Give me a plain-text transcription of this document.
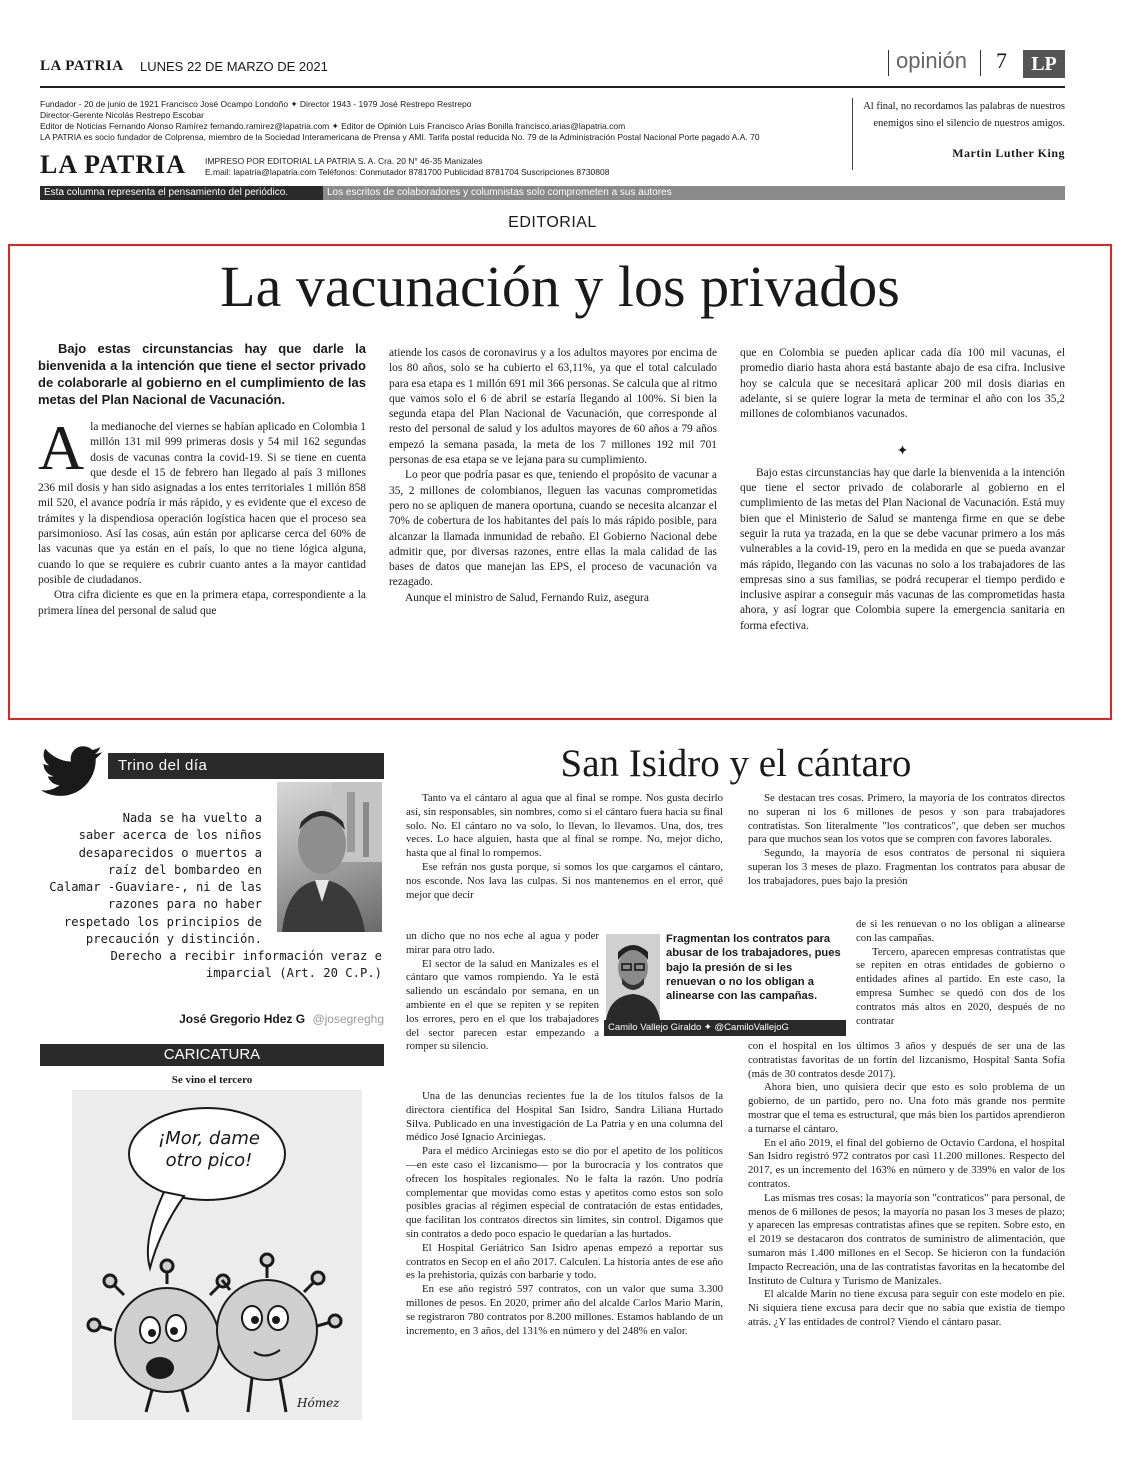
LA PATRIA LUNES 22 DE MARZO DE 2021	opinión 7	LP
Fundador - 20 de junio de 1921 Francisco José Ocampo Londoño ✦ Director 1943 - 1979 José Restrepo Restrepo
Director-Gerente Nicolás Restrepo Escobar
Editor de Noticias Fernando Alonso Ramírez fernando.ramirez@lapatria.com ✦ Editor de Opinión Luis Francisco Arias Bonilla francisco.arias@lapatria.com
LA PATRIA es socio fundador de Colprensa, miembro de la Sociedad Interamericana de Prensa y AMI. Tarifa postal reducida No. 79 de la Administración Postal Nacional Porte pagado A.A. 70
LA PATRIA IMPRESO POR EDITORIAL LA PATRIA S. A. Cra. 20 N° 46-35 Manizales
E.mail: lapatria@lapatria.com Teléfonos: Conmutador 8781700 Publicidad 8781704 Suscripciones 8730808
Al final, no recordamos las palabras de nuestros enemigos sino el silencio de nuestros amigos.
Martin Luther King
Esta columna representa el pensamiento del periódico.	Los escritos de colaboradores y columnistas solo comprometen a sus autores
EDITORIAL
La vacunación y los privados

Bajo estas circunstancias hay que darle la bienvenida a la intención que tiene el sector privado de colaborarle al gobierno en el cumplimiento de las metas del Plan Nacional de Vacunación.

Ala medianoche del viernes se habían aplicado en Colombia 1 millón 131 mil 999 primeras dosis y 54 mil 162 segundas dosis de vacunas contra la covid-19. Si se tiene en cuenta que desde el 15 de febrero han llegado al país 3 millones 236 mil dosis y han sido asignadas a los entes territoriales 1 millón 858 mil 520, el avance podría ir más rápido, y es evidente que el exceso de trámites y la dispendiosa operación logística hacen que el proceso sea parsimonioso. Así las cosas, aún están por aplicarse cerca del 60% de las vacunas que ya están en el país, lo que no tiene lógica alguna, cuando lo que se requiere es cubrir cuanto antes a la mayor cantidad posible de ciudadanos.

Otra cifra diciente es que en la primera etapa, correspondiente a la primera línea del personal de salud que

atiende los casos de coronavirus y a los adultos mayores por encima de los 80 años, solo se ha cubierto el 63,11%, ya que el total calculado para esa etapa es 1 millón 691 mil 366 personas. Se calcula que al ritmo que vamos solo el 6 de abril se estaría llegando al 100%. Si bien la segunda etapa del Plan Nacional de Vacunación, que corresponde al resto del personal de salud y los adultos mayores de 60 años a 79 años empezó la semana pasada, la meta de los 7 millones 192 mil 701 personas de esa etapa se ve lejana para su cumplimiento.

Lo peor que podría pasar es que, teniendo el propósito de vacunar a 35, 2 millones de colombianos, lleguen las vacunas comprometidas pero no se apliquen de manera oportuna, cuando se necesita alcanzar el 70% de cobertura de los habitantes del país lo más rápido posible, para alcanzar la llamada inmunidad de rebaño. El Gobierno Nacional debe admitir que, por diversas razones, entre ellas la mala calidad de las bases de datos que manejan las EPS, el proceso de vacunación va rezagado.

Aunque el ministro de Salud, Fernando Ruiz, asegura

que en Colombia se pueden aplicar cada día 100 mil vacunas, el promedio diario hasta ahora está bastante abajo de esa cifra. Inclusive hoy se calcula que se necesitará aplicar 200 mil dosis diarias en adelante, si se quiere lograr la meta de terminar el año con los 35,2 millones de colombianos vacunados.

✦

Bajo estas circunstancias hay que darle la bienvenida a la intención que tiene el sector privado de colaborarle al gobierno en el cumplimiento de las metas del Plan Nacional de Vacunación. Está muy bien que el Ministerio de Salud se mantenga firme en que se debe seguir la ruta ya trazada, en la que se debe vacunar primero a los más vulnerables a la covid-19, pero en la medida en que se pueda avanzar más rápido, llegando con las vacunas no solo a los trabajadores de las empresas sino a sus familias, se podrá recuperar el tiempo perdido e inclusive aspirar a conseguir más vacunas de las comprometidas hasta ahora, y así lograr que Colombia supere la emergencia sanitaria en forma efectiva.

Trino del día
Nada se ha vuelto a
saber acerca de los niños
desaparecidos o muertos a
raíz del bombardeo en
Calamar -Guaviare-, ni de las
razones para no haber
respetado los principios de
precaución y distinción.
Derecho a recibir información veraz e
imparcial (Art. 20 C.P.)
José Gregorio Hdez G @josegreghg
CARICATURA
Se vino el tercero
¡Mor, dame
otro pico!
Hómez
San Isidro y el cántaro

Tanto va el cántaro al agua que al final se rompe. Nos gusta decirlo así, sin responsables, sin nombres, como si el cántaro fuera hacia su final solo. No. El cántaro no va solo, lo llevan, lo llevamos. Una, dos, tres veces. Lo hace alguien, hasta que al final se rompe. No, mejor dicho, hasta que al final lo rompemos.

Ese refrán nos gusta porque, si somos los que cargamos el cántaro, nos esconde. Nos lava las culpas. Si nos mantenemos en el error, qué mejor que decir

un dicho que no nos eche al agua y poder mirar para otro lado.

El sector de la salud en Manizales es el cántaro que vamos rompiendo. Ya le está saliendo un escándalo por semana, en un ambiente en el que se repiten y se repiten los errores, pero en el que los trabajadores del sector parecen estar empezando a romper su silencio.

Una de las denuncias recientes fue la de los títulos falsos de la directora científica del Hospital San Isidro, Sandra Liliana Hurtado Silva. Publicado en una investigación de La Patria y en una columna del médico José Ignacio Arciniegas.

Para el médico Arciniegas esto se dio por el apetito de los políticos —en este caso el lizcanismo— por la burocracia y los contratos que ofrecen los hospitales regionales. No le falta la razón. Uno podría complementar que movidas como estas y apetitos como estos son solo posibles gracias al régimen especial de contratación de estas entidades, que facilitan los contratos directos sin límites, sin control. Digamos que sin contratos a dedo poco espacio le quedarían a las hurtados.

El Hospital Geriátrico San Isidro apenas empezó a reportar sus contratos en Secop en el año 2017. Calculen. La historia antes de ese año es la prehistoria, quizás con barbarie y todo.

En ese año registró 597 contratos, con un valor que suma 3.300 millones de pesos. En 2020, primer año del alcalde Carlos Mario Marín, se registraron 780 contratos por 8.200 millones. Estamos hablando de un incremento, en 3 años, del 131% en número y del 248% en valor.

Se destacan tres cosas. Primero, la mayoría de los contratos directos no superan ni los 6 millones de pesos y son para trabajadores contratistas. Son literalmente "los contraticos", que deben ser muchos para que muchos sean los votos que se compren con favores laborales.

Segundo, la mayoría de esos contratos de personal ni siquiera superan los 3 meses de plazo. Fragmentan los contratos para abusar de los trabajadores, pues bajo la presión

de si les renuevan o no los obligan a alinearse con las campañas.

Tercero, aparecen empresas contratistas que se repiten en otras entidades de gobierno o entidades afines al partido. En este caso, la empresa Sumhec se quedó con dos de los contratos más altos en 2020, después de no contratar

con el hospital en los últimos 3 años y después de ser una de las contratistas favoritas de un fortín del lizcanismo, Hospital Santa Sofía (más de 30 contratos desde 2017).

Ahora bien, uno quisiera decir que esto es solo problema de un gobierno, de un partido, pero no. Una foto más grande nos permite mostrar que el tema es estructural, que más bien los partidos aprendieron a turnarse el cántaro.

En el año 2019, el final del gobierno de Octavio Cardona, el hospital San Isidro registró 972 contratos por casi 11.200 millones. Respecto del 2017, es un incremento del 163% en número y de 339% en valor de los contratos.

Las mismas tres cosas: la mayoría son "contraticos" para personal, de menos de 6 millones de pesos; la mayoría no pasan los 3 meses de plazo; y aparecen las empresas contratistas afines que se repiten. Sobre esto, en el 2019 se destacaron dos contratos de suministro de alimentación, que sumaron más 1.400 millones en el Secop. Se hicieron con la fundación Impacto Recreación, una de las contratistas favoritas en la hecatombe del Instituto de Cultura y Turismo de Manizales.

El alcalde Marín no tiene excusa para seguir con este modelo en pie. Ni siquiera tiene excusa para decir que no sabía que existía de tiempo atrás. ¿Y las entidades de control? Viendo el cántaro pasar.

Fragmentan los contratos para abusar de los trabajadores, pues bajo la presión de si les renuevan o no los obligan a alinearse con las campañas.
Camilo Vallejo Giraldo ✦ @CamiloVallejoG
